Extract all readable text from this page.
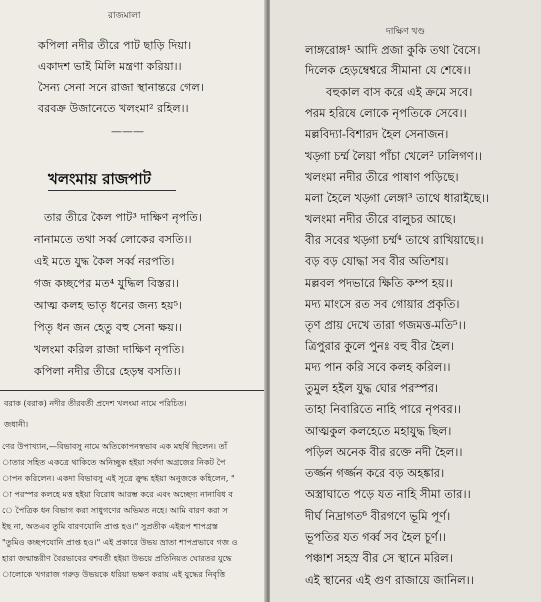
রাজমালা
কপিলা নদীর তীরে পাট ছাড়ি দিয়া।
একাদশ ভাই মিলি মন্ত্রণা করিয়া।।
সৈন্য সেনা সনে রাজা স্থানান্তরে গেল।
বরবক্র উজানেতে খলংমা² রহিল।।
———
খলংমায় রাজপাট
তার তীরে কৈল পাট³ দাক্ষিণ নৃপতি।
নানামতে তথা সর্ব্ব লোকের বসতি।।
এই মতে যুদ্ধ কৈল সর্ব্ব নরপতি।
গজ কচ্ছপের মত⁴ যুদ্ধিল বিস্তর।।
আত্ম কলহ ভাতৃ ধনের জন্য হয়⁵।
পিতৃ ধন জন হেতু বহু সেনা ক্ষয়।।
খলংমা করিল রাজা দাক্ষিণ নৃপতি।
কপিলা নদীর তীরে হেড়ম্ব বসতি।।
বরাক (বরাক) নদীর তীরবর্তী প্রদেশ খলংমা নামে পরিচিত।
জধানী।
ণের উপাখ্যান,—বিভাবসু নামে অতিকোপনস্বভাব এক মহর্ষি ছিলেন। তাঁ
াতার সহিত একত্রে থাকিতে অনিচ্ছুক হইয়া সর্বদা অগ্রজের নিকট পৈ
াপন করিলেন। একদা বিভাবসু এই সূত্রে ক্রুদ্ধ হইয়া অনুজকে কহিলেন, "
া পরস্পর কলহে মত্ত হইয়া বিরোধ আরম্ভ করে এবং অচ্ছেদ্য নানাবিধ ব
ে পৈত্রিক ধন বিভাগ করা সাধুগণের অভিমত নহে। আমি বারণ করা স
ইছ না, অতএব তুমি বারণযোনি প্রাপ্ত হও।" সুপ্রতীক এইরূপ শাপগ্রস্ত
"তুমিও কচ্ছপযোনি প্রাপ্ত হও।" এই প্রকারে উভয় ভ্রাতা শাপপ্রভাবে গজ ও
হারা জন্মান্তরীণ বৈরভাবের বশবর্তী হইয়া উভয়ে প্রতিনিয়ত ঘোরতর যুদ্ধে
ালোকে খগরাজ গরুড় উভয়কে ধরিয়া ভক্ষণ করায় এই যুদ্ধের নিবৃত্তি
দাক্ষিণ খণ্ড
লাঙ্গরোঙ্গ¹ আদি প্রজা কুকি তথা বৈসে।
দিলেক হেড়ম্বেশ্বরে সীমানা যে শেষে।।
বহুকাল বাস করে এই ক্রমে সবে।
পরম হরিষে লোকে নৃপতিকে সেবে।।
মল্লবিদ্যা-বিশারদ হৈল সেনাজন।
খড়্গা চর্ম্ম লৈয়া পাঁচা খেলে² ঢালিগণ।।
খলংমা নদীর তীরে পাষাণ পড়িছে।
মলা হৈলে খড়্গা লেঙ্গা³ তাথে ধারাইছে।।
খলংমা নদীর তীরে বালুচর আছে।
বীর সবের খড়্গা চর্ম্ম⁴ তাথে রাখিয়াছে।।
বড় বড় যোদ্ধা সব বীর অতিশয়।
মল্লবল পদভারে ক্ষিতি কম্প হয়।।
মদ্য মাংসে রত সব গোয়ার প্রকৃতি।
তৃণ প্রায় দেখে তারা গজমত্ত-মতি⁵।।
ত্রিপুরার কুলে পুনঃ বহু বীর হৈল।
মদ্য পান করি সবে কলহ করিল।।
তুমুল হইল যুদ্ধ ঘোর পরস্পর।
তাহা নিবারিতে নাহি পারে নৃপবর।।
আত্মকুল কলহেতে মহাযুদ্ধ ছিল।
পড়িল অনেক বীর রক্তে নদী হৈল।।
তর্জ্জন গর্জ্জন করে বড় অহঙ্কার।
অস্ত্রাঘাতে পড়ে যত নাহি সীমা তার।।
দীর্ঘ নিদ্রাগত⁶ বীরগণে ভূমি পূর্ণ।
ভূপতির যত গর্ব্ব সব হৈল চূর্ণ।।
পঞ্চাশ সহস্র বীর সে স্থানে মরিল।
এই স্থানের এই গুণ রাজায়ে জানিল।।
